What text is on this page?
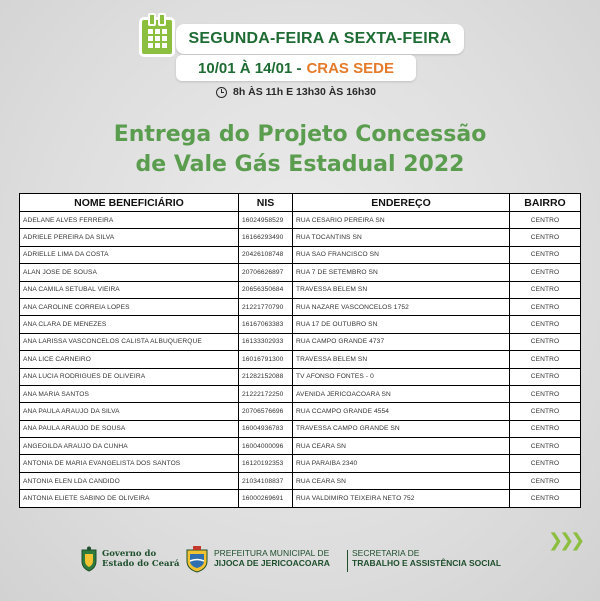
SEGUNDA-FEIRA A SEXTA-FEIRA
10/01 À 14/01 - CRAS SEDE
8h ÀS 11h E 13h30 ÀS 16h30
Entrega do Projeto Concessão
de Vale Gás Estadual 2022
NOME BENEFICIÁRIO	NIS	ENDEREÇO	BAIRRO
ADELANE ALVES FERREIRA	16024958529	RUA CESARIO PEREIRA SN	CENTRO
ADRIELE PEREIRA DA SILVA	16166293490	RUA TOCANTINS SN	CENTRO
ADRIELLE LIMA DA COSTA	20426108748	RUA SAO FRANCISCO SN	CENTRO
ALAN JOSE DE SOUSA	20706626897	RUA 7 DE SETEMBRO SN	CENTRO
ANA CAMILA SETUBAL VIEIRA	20656350684	TRAVESSA BELEM SN	CENTRO
ANA CAROLINE CORREIA LOPES	21221770790	RUA NAZARE VASCONCELOS 1752	CENTRO
ANA CLARA DE MENEZES	16167063383	RUA 17 DE OUTUBRO SN	CENTRO
ANA LARISSA VASCONCELOS CALISTA ALBUQUERQUE	16133302933	RUA CAMPO GRANDE 4737	CENTRO
ANA LICE CARNEIRO	16016791300	TRAVESSA BELEM SN	CENTRO
ANA LUCIA RODRIGUES DE OLIVEIRA	21282152088	TV AFONSO FONTES - 0	CENTRO
ANA MARIA SANTOS	21222172250	AVENIDA JERICOACOARA SN	CENTRO
ANA PAULA ARAUJO DA SILVA	20706576696	RUA CCAMPO GRANDE 4554	CENTRO
ANA PAULA ARAUJO DE SOUSA	16004936783	TRAVESSA CAMPO GRANDE SN	CENTRO
ANGEOILDA ARAUJO DA CUNHA	16004000096	RUA CEARA SN	CENTRO
ANTONIA DE MARIA EVANGELISTA DOS SANTOS	16120192353	RUA PARAIBA 2340	CENTRO
ANTONIA ELEN LDA CANDIDO	21034108837	RUA CEARA SN	CENTRO
ANTONIA ELIETE SABINO DE OLIVEIRA	16000269691	RUA VALDIMIRO TEIXEIRA NETO 752	CENTRO
❯❯❯
Governo do
Estado do Ceará
PREFEITURA MUNICIPAL DE
JIJOCA DE JERICOACOARA
SECRETARIA DE
TRABALHO E ASSISTÊNCIA SOCIAL
